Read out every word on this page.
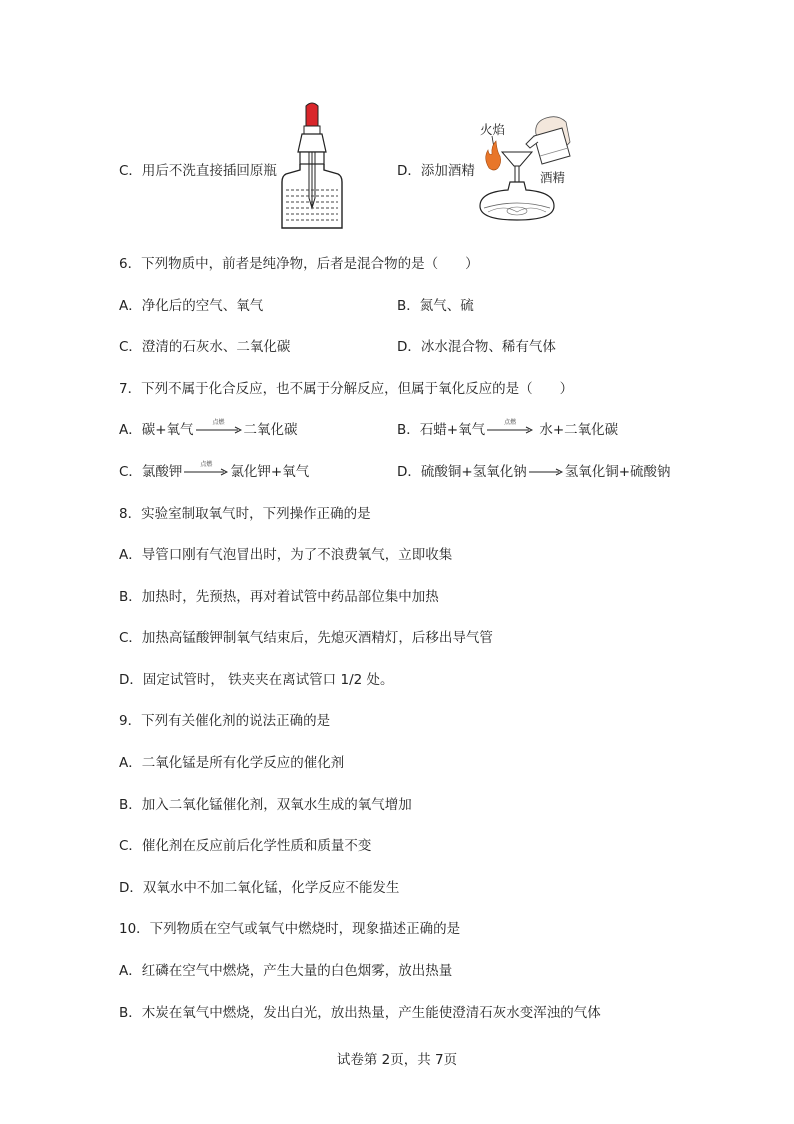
C．用后不洗直接插回原瓶	D．添加酒精
火焰
酒精
6．下列物质中，前者是纯净物，后者是混合物的是（　　）
A．净化后的空气、氧气	B．氮气、硫
C．澄清的石灰水、二氧化碳	D．冰水混合物、稀有气体
7．下列不属于化合反应，也不属于分解反应，但属于氧化反应的是（　　）
A．碳+氧气	点燃	二氧化碳	B．石蜡+氧气	点燃	水+二氧化碳
C．氯酸钾	点燃	氯化钾+氧气	D．硫酸铜+氢氧化钠 → 氢氧化铜+硫酸钠
8．实验室制取氧气时，下列操作正确的是
A．导管口刚有气泡冒出时，为了不浪费氧气，立即收集
B．加热时，先预热，再对着试管中药品部位集中加热
C．加热高锰酸钾制氧气结束后，先熄灭酒精灯，后移出导气管
D．固定试管时， 铁夹夹在离试管口 1/2 处。
9．下列有关催化剂的说法正确的是
A．二氧化锰是所有化学反应的催化剂
B．加入二氧化锰催化剂，双氧水生成的氧气增加
C．催化剂在反应前后化学性质和质量不变
D．双氧水中不加二氧化锰，化学反应不能发生
10．下列物质在空气或氧气中燃烧时，现象描述正确的是
A．红磷在空气中燃烧，产生大量的白色烟雾，放出热量
B．木炭在氧气中燃烧，发出白光，放出热量，产生能使澄清石灰水变浑浊的气体
试卷第 2页，共 7页
